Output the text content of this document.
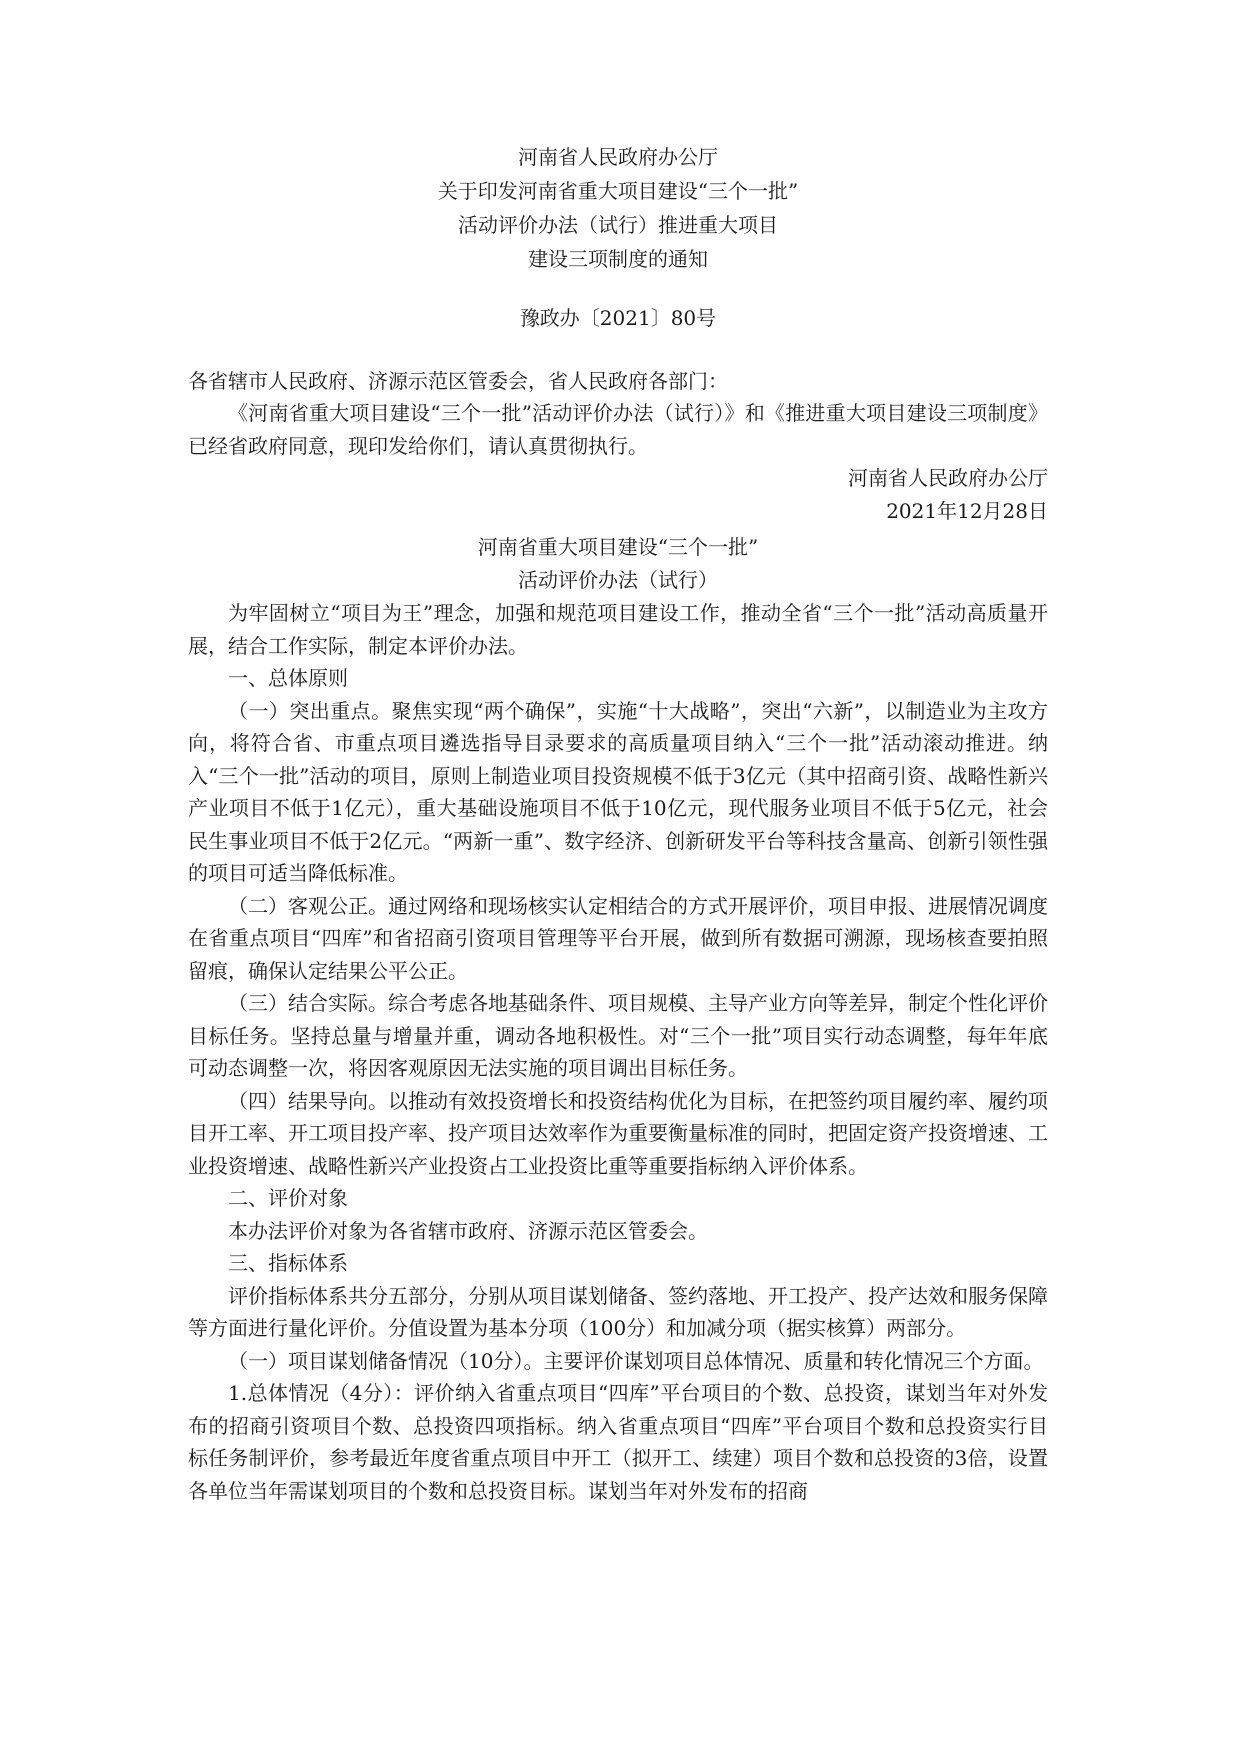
河南省人民政府办公厅

关于印发河南省重大项目建设“三个一批”

活动评价办法（试行）推进重大项目

建设三项制度的通知

豫政办〔2021〕80号

各省辖市人民政府、济源示范区管委会，省人民政府各部门：

《河南省重大项目建设“三个一批”活动评价办法（试行）》和《推进重大项目建设三项制度》已经省政府同意，现印发给你们，请认真贯彻执行。

河南省人民政府办公厅

2021年12月28日

河南省重大项目建设“三个一批”

活动评价办法（试行）

为牢固树立“项目为王”理念，加强和规范项目建设工作，推动全省“三个一批”活动高质量开展，结合工作实际，制定本评价办法。

一、总体原则

（一）突出重点。聚焦实现“两个确保”，实施“十大战略”，突出“六新”，以制造业为主攻方向，将符合省、市重点项目遴选指导目录要求的高质量项目纳入“三个一批”活动滚动推进。纳入“三个一批”活动的项目，原则上制造业项目投资规模不低于3亿元（其中招商引资、战略性新兴产业项目不低于1亿元），重大基础设施项目不低于10亿元，现代服务业项目不低于5亿元，社会民生事业项目不低于2亿元。“两新一重”、数字经济、创新研发平台等科技含量高、创新引领性强的项目可适当降低标准。

（二）客观公正。通过网络和现场核实认定相结合的方式开展评价，项目申报、进展情况调度在省重点项目“四库”和省招商引资项目管理等平台开展，做到所有数据可溯源，现场核查要拍照留痕，确保认定结果公平公正。

（三）结合实际。综合考虑各地基础条件、项目规模、主导产业方向等差异，制定个性化评价目标任务。坚持总量与增量并重，调动各地积极性。对“三个一批”项目实行动态调整，每年年底可动态调整一次，将因客观原因无法实施的项目调出目标任务。

（四）结果导向。以推动有效投资增长和投资结构优化为目标，在把签约项目履约率、履约项目开工率、开工项目投产率、投产项目达效率作为重要衡量标准的同时，把固定资产投资增速、工业投资增速、战略性新兴产业投资占工业投资比重等重要指标纳入评价体系。

二、评价对象

本办法评价对象为各省辖市政府、济源示范区管委会。

三、指标体系

评价指标体系共分五部分，分别从项目谋划储备、签约落地、开工投产、投产达效和服务保障等方面进行量化评价。分值设置为基本分项（100分）和加减分项（据实核算）两部分。

（一）项目谋划储备情况（10分）。主要评价谋划项目总体情况、质量和转化情况三个方面。

1.总体情况（4分）：评价纳入省重点项目“四库”平台项目的个数、总投资，谋划当年对外发布的招商引资项目个数、总投资四项指标。纳入省重点项目“四库”平台项目个数和总投资实行目标任务制评价，参考最近年度省重点项目中开工（拟开工、续建）项目个数和总投资的3倍，设置各单位当年需谋划项目的个数和总投资目标。谋划当年对外发布的招商
